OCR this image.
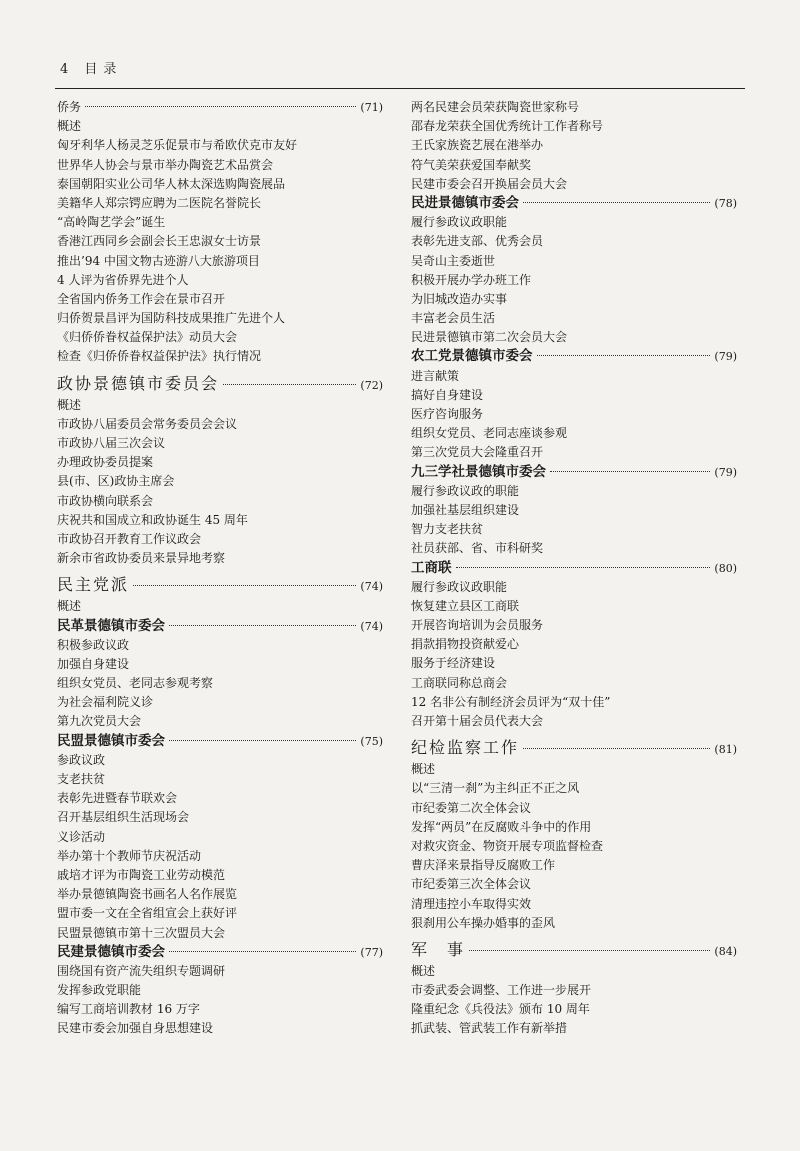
4 目录
侨务	(71)
概述
匈牙利华人杨灵芝乐促景市与希欧伏克市友好
世界华人协会与景市举办陶瓷艺术品赏会
泰国朝阳实业公司华人林太深选购陶瓷展品
美籍华人郑宗锷应聘为二医院名誉院长
“高岭陶艺学会”诞生
香港江西同乡会副会长王忠淑女士访景
推出’94 中国文物古迹游八大旅游项目
4 人评为省侨界先进个人
全省国内侨务工作会在景市召开
归侨贺景昌评为国防科技成果推广先进个人
《归侨侨眷权益保护法》动员大会
检查《归侨侨眷权益保护法》执行情况
政协景德镇市委员会	(72)
概述
市政协八届委员会常务委员会会议
市政协八届三次会议
办理政协委员提案
县(市、区)政协主席会
市政协横向联系会
庆祝共和国成立和政协诞生 45 周年
市政协召开教育工作议政会
新余市省政协委员来景异地考察
民主党派	(74)
概述
民革景德镇市委会	(74)
积极参政议政
加强自身建设
组织女党员、老同志参观考察
为社会福利院义诊
第九次党员大会
民盟景德镇市委会	(75)
参政议政
支老扶贫
表彰先进暨春节联欢会
召开基层组织生活现场会
义诊活动
举办第十个教师节庆祝活动
戚培才评为市陶瓷工业劳动模范
举办景德镇陶瓷书画名人名作展览
盟市委一文在全省组宣会上获好评
民盟景德镇市第十三次盟员大会
民建景德镇市委会	(77)
围绕国有资产流失组织专题调研
发挥参政党职能
编写工商培训教材 16 万字
民建市委会加强自身思想建设
两名民建会员荣获陶瓷世家称号
邵春龙荣获全国优秀统计工作者称号
王氏家族瓷艺展在港举办
符气美荣获爱国奉献奖
民建市委会召开换届会员大会
民进景德镇市委会	(78)
履行参政议政职能
表彰先进支部、优秀会员
吴奇山主委逝世
积极开展办学办班工作
为旧城改造办实事
丰富老会员生活
民进景德镇市第二次会员大会
农工党景德镇市委会	(79)
进言献策
搞好自身建设
医疗咨询服务
组织女党员、老同志座谈参观
第三次党员大会隆重召开
九三学社景德镇市委会	(79)
履行参政议政的职能
加强社基层组织建设
智力支老扶贫
社员获部、省、市科研奖
工商联	(80)
履行参政议政职能
恢复建立县区工商联
开展咨询培训为会员服务
捐款捐物投资献爱心
服务于经济建设
工商联同称总商会
12 名非公有制经济会员评为“双十佳”
召开第十届会员代表大会
纪检监察工作	(81)
概述
以“三清一刹”为主纠正不正之风
市纪委第二次全体会议
发挥“两员”在反腐败斗争中的作用
对救灾资金、物资开展专项监督检查
曹庆泽来景指导反腐败工作
市纪委第三次全体会议
清理违控小车取得实效
狠刹用公车操办婚事的歪风
军　事	(84)
概述
市委武委会调整、工作进一步展开
隆重纪念《兵役法》颁布 10 周年
抓武装、管武装工作有新举措
